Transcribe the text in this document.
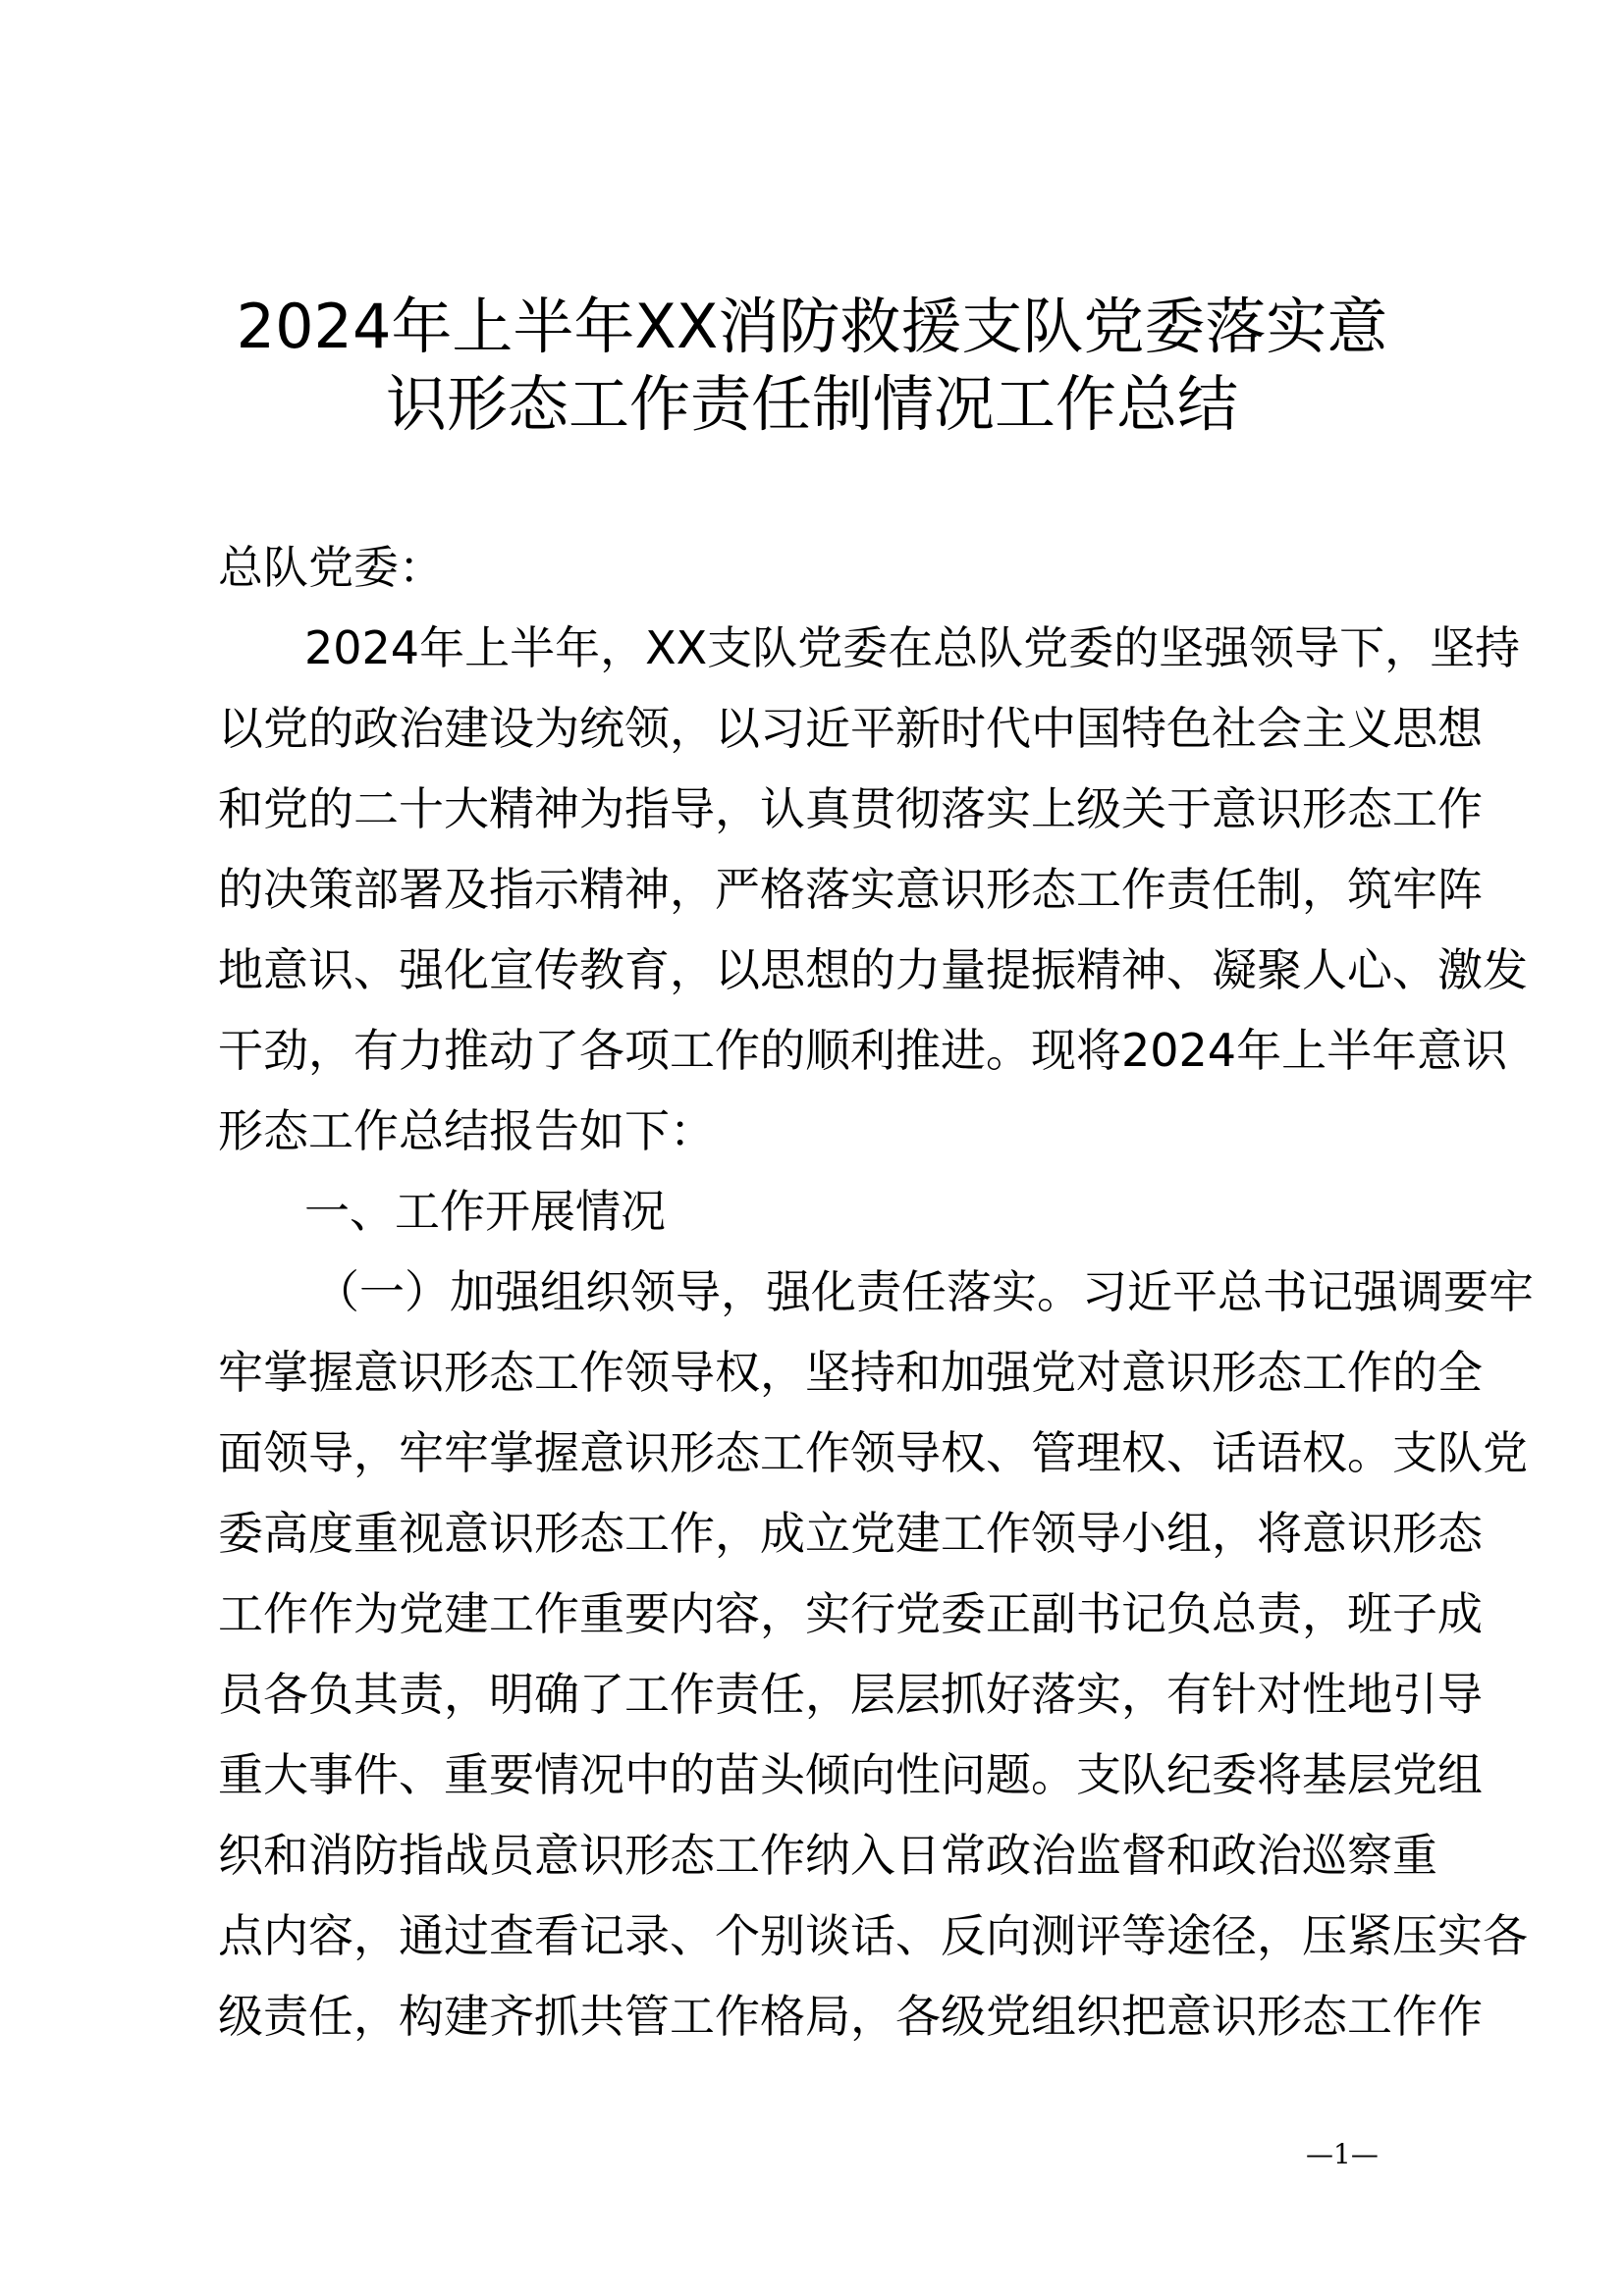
2024年上半年XX消防救援支队党委落实意
识形态工作责任制情况工作总结
总队党委：
2024年上半年，XX支队党委在总队党委的坚强领导下，坚持
以党的政治建设为统领，以习近平新时代中国特色社会主义思想
和党的二十大精神为指导，认真贯彻落实上级关于意识形态工作
的决策部署及指示精神，严格落实意识形态工作责任制，筑牢阵
地意识、强化宣传教育，以思想的力量提振精神、凝聚人心、激发
干劲，有力推动了各项工作的顺利推进。现将2024年上半年意识
形态工作总结报告如下：
一、工作开展情况
（一）加强组织领导，强化责任落实。习近平总书记强调要牢
牢掌握意识形态工作领导权，坚持和加强党对意识形态工作的全
面领导，牢牢掌握意识形态工作领导权、管理权、话语权。支队党
委高度重视意识形态工作，成立党建工作领导小组，将意识形态
工作作为党建工作重要内容，实行党委正副书记负总责，班子成
员各负其责，明确了工作责任，层层抓好落实，有针对性地引导
重大事件、重要情况中的苗头倾向性问题。支队纪委将基层党组
织和消防指战员意识形态工作纳入日常政治监督和政治巡察重
点内容，通过查看记录、个别谈话、反向测评等途径，压紧压实各
级责任，构建齐抓共管工作格局，各级党组织把意识形态工作作
—1—
